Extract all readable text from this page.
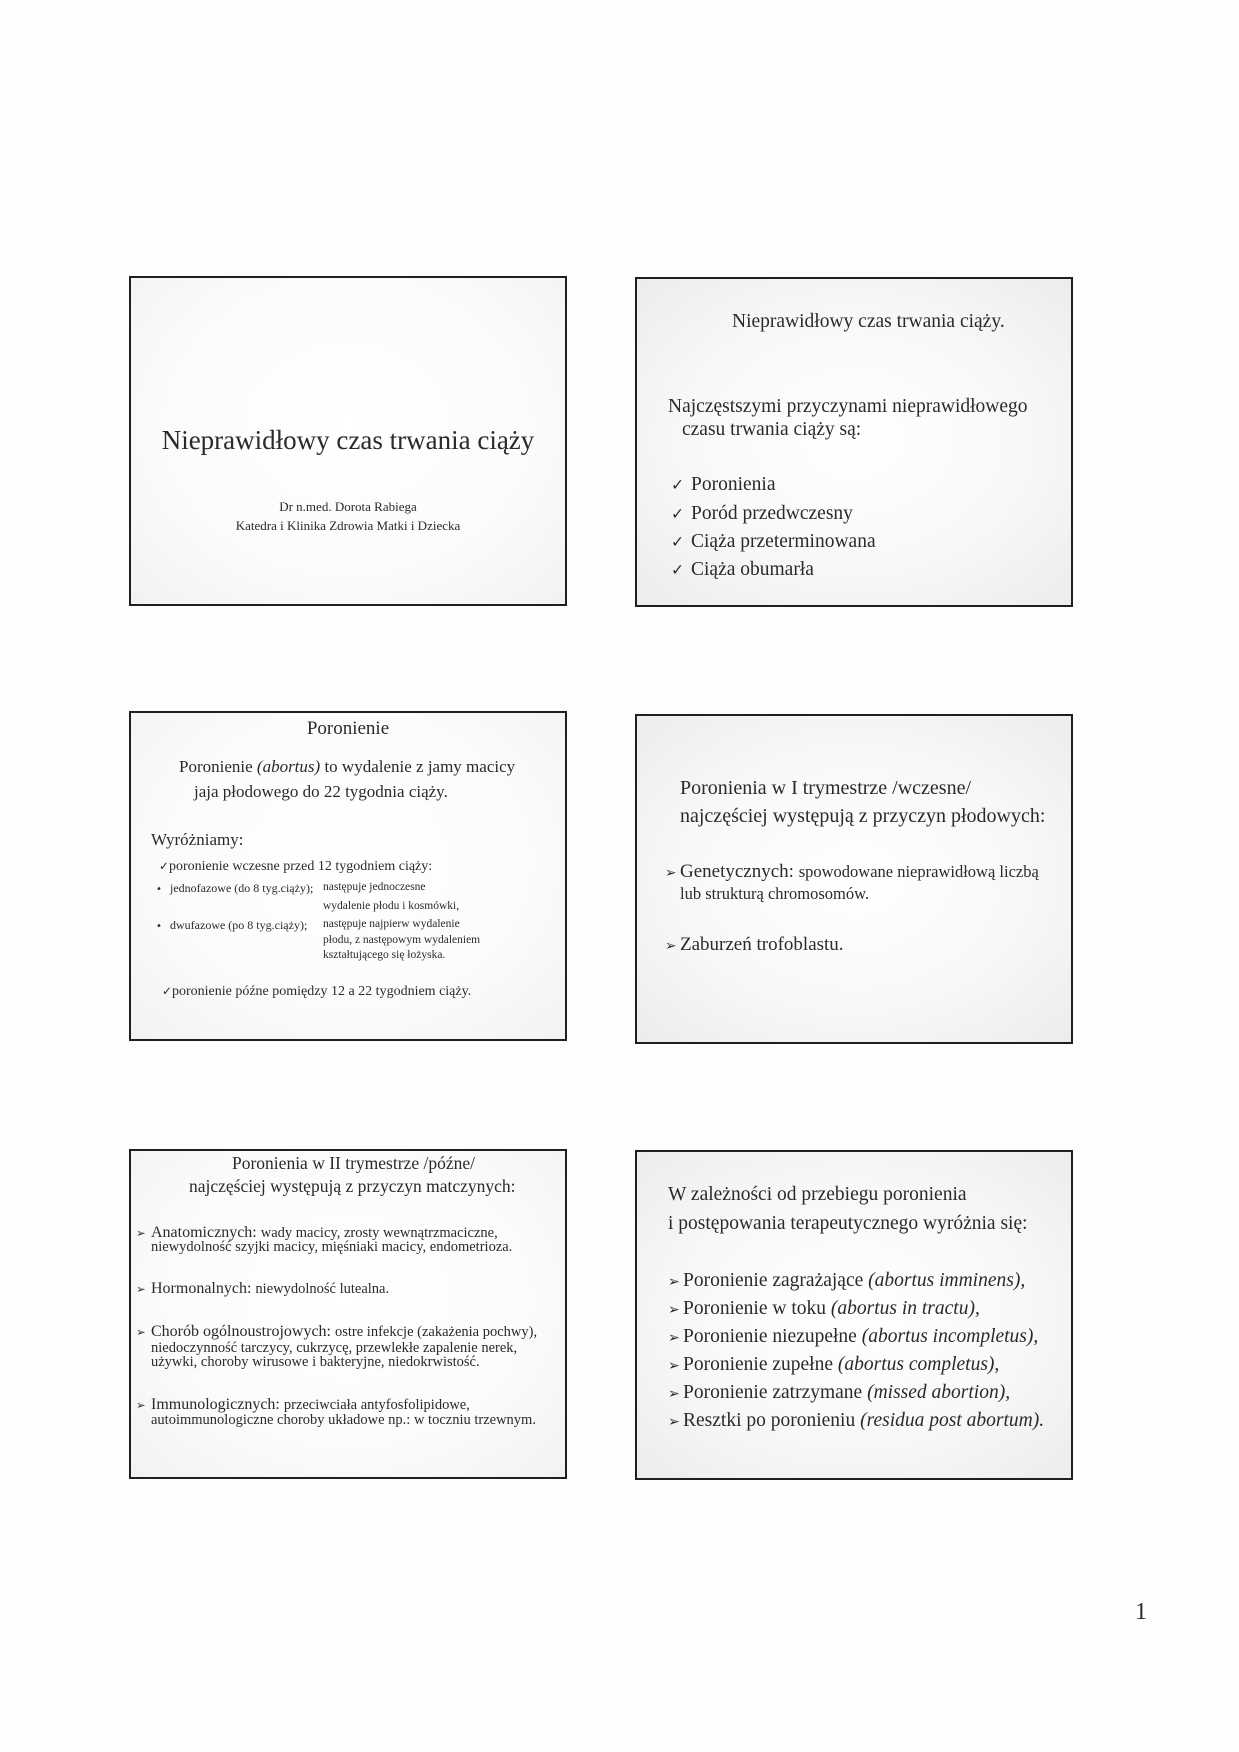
Nieprawidłowy czas trwania ciąży
Dr n.med. Dorota Rabiega
Katedra i Klinika Zdrowia Matki i Dziecka
Nieprawidłowy czas trwania ciąży.
Najczęstszymi przyczynami nieprawidłowego
czasu trwania ciąży są:
✓ Poronienia
✓ Poród przedwczesny
✓ Ciąża przeterminowana
✓ Ciąża obumarła
Poronienie
Poronienie (abortus) to wydalenie z jamy macicy
jaja płodowego do 22 tygodnia ciąży.
Wyróżniamy:
✓poronienie wczesne przed 12 tygodniem ciąży:
• jednofazowe (do 8 tyg.ciąży); następuje jednoczesne
wydalenie płodu i kosmówki,
• dwufazowe (po 8 tyg.ciąży); następuje najpierw wydalenie
płodu, z następowym wydaleniem
kształtującego się łożyska.
✓poronienie późne pomiędzy 12 a 22 tygodniem ciąży.
Poronienia w I trymestrze /wczesne/
najczęściej występują z przyczyn płodowych:
➢ Genetycznych: spowodowane nieprawidłową liczbą
lub strukturą chromosomów.
➢ Zaburzeń trofoblastu.
Poronienia w II trymestrze /późne/
najczęściej występują z przyczyn matczynych:
➢ Anatomicznych: wady macicy, zrosty wewnątrzmaciczne,
niewydolność szyjki macicy, mięśniaki macicy, endometrioza.
➢ Hormonalnych: niewydolność lutealna.
➢ Chorób ogólnoustrojowych: ostre infekcje (zakażenia pochwy),
niedoczynność tarczycy, cukrzycę, przewlekłe zapalenie nerek,
używki, choroby wirusowe i bakteryjne, niedokrwistość.
➢ Immunologicznych: przeciwciała antyfosfolipidowe,
autoimmunologiczne choroby układowe np.: w toczniu trzewnym.
W zależności od przebiegu poronienia
i postępowania terapeutycznego wyróżnia się:
➢ Poronienie zagrażające (abortus imminens),
➢ Poronienie w toku (abortus in tractu),
➢ Poronienie niezupełne (abortus incompletus),
➢ Poronienie zupełne (abortus completus),
➢ Poronienie zatrzymane (missed abortion),
➢ Resztki po poronieniu (residua post abortum).
1
